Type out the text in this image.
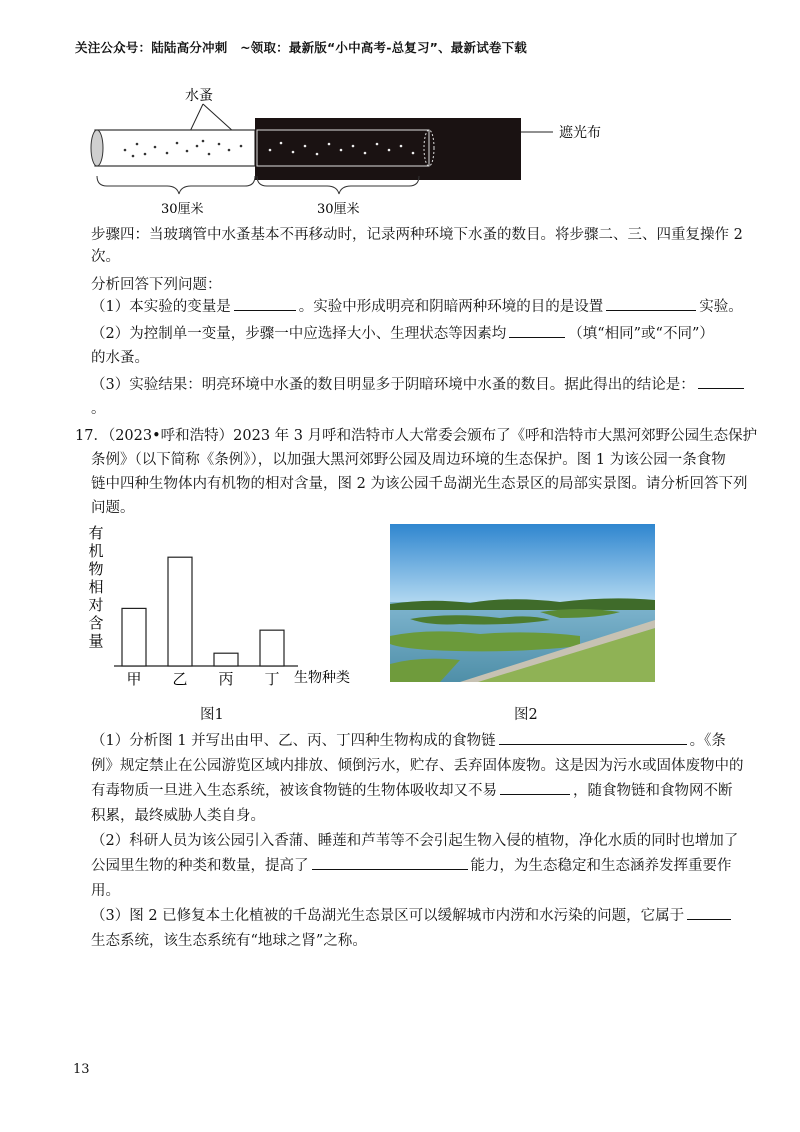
关注公众号：陆陆高分冲刺　~领取：最新版“小中高考-总复习”、最新试卷下载
水蚤
遮光布
30厘米	30厘米
步骤四：当玻璃管中水蚤基本不再移动时，记录两种环境下水蚤的数目。将步骤二、三、四重复操作 2
次。
分析回答下列问题：
（1）本实验的变量是	。实验中形成明亮和阴暗两种环境的目的是设置	实验。
（2）为控制单一变量，步骤一中应选择大小、生理状态等因素均	（填“相同”或“不同”）
的水蚤。
（3）实验结果：明亮环境中水蚤的数目明显多于阴暗环境中水蚤的数目。据此得出的结论是：
。
17．（2023•呼和浩特）2023 年 3 月呼和浩特市人大常委会颁布了《呼和浩特市大黑河郊野公园生态保护
条例》（以下简称《条例》），以加强大黑河郊野公园及周边环境的生态保护。图 1 为该公园一条食物
链中四种生物体内有机物的相对含量，图 2 为该公园千岛湖光生态景区的局部实景图。请分析回答下列
问题。
有
机
物
相
对
含
量
甲 乙 丙 丁 生物种类
图1	图2
（1）分析图 1 并写出由甲、乙、丙、丁四种生物构成的食物链	。《条
例》规定禁止在公园游览区域内排放、倾倒污水，贮存、丢弃固体废物。这是因为污水或固体废物中的
有毒物质一旦进入生态系统，被该食物链的生物体吸收却又不易	，随食物链和食物网不断
积累，最终威胁人类自身。
（2）科研人员为该公园引入香蒲、睡莲和芦苇等不会引起生物入侵的植物，净化水质的同时也增加了
公园里生物的种类和数量，提高了	能力，为生态稳定和生态涵养发挥重要作
用。
（3）图 2 已修复本土化植被的千岛湖光生态景区可以缓解城市内涝和水污染的问题，它属于
生态系统，该生态系统有“地球之肾”之称。
13
